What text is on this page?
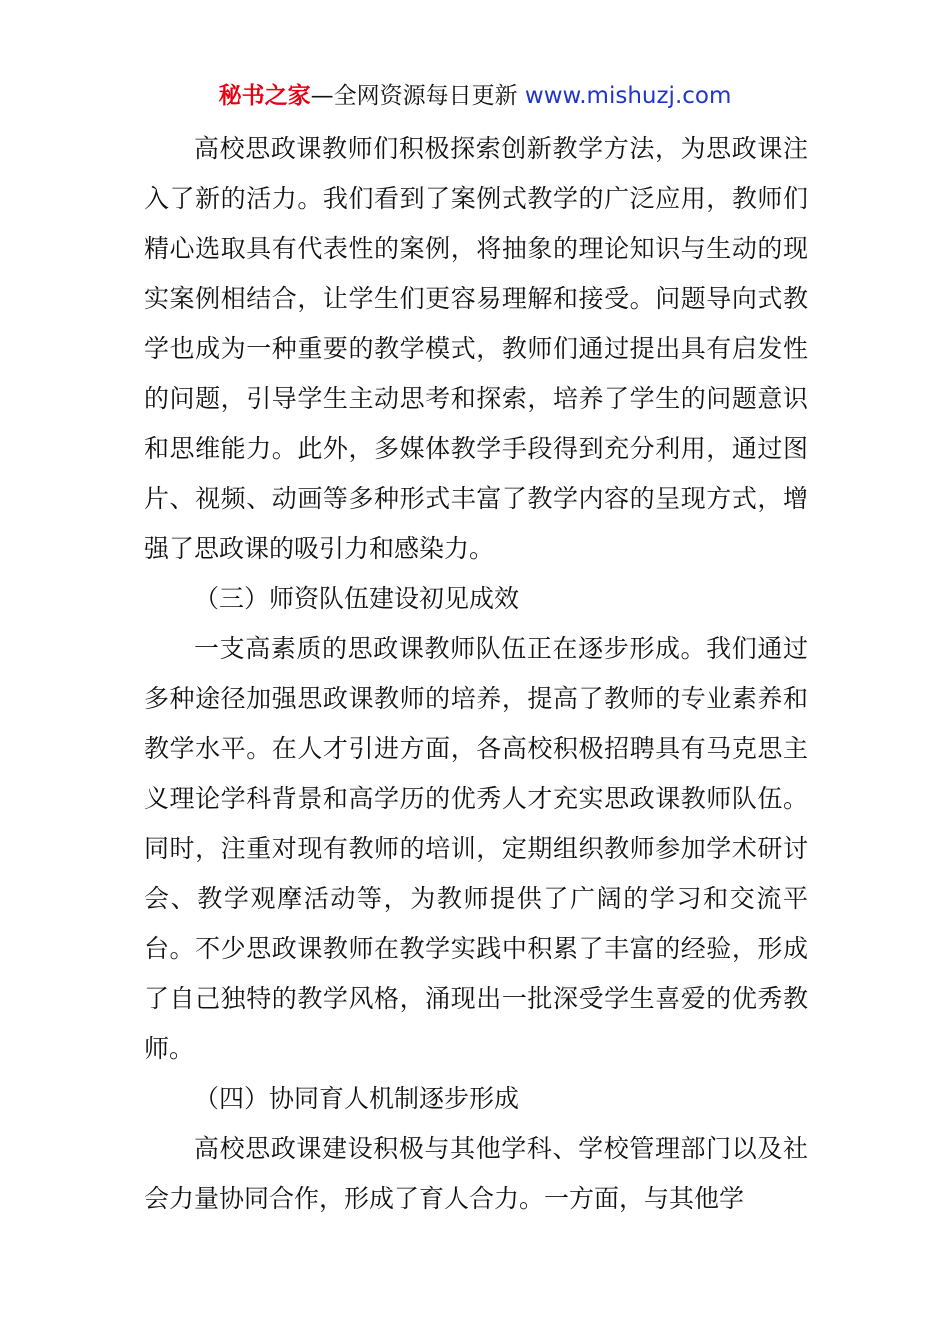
秘书之家—全网资源每日更新 www.mishuzj.com

高校思政课教师们积极探索创新教学方法，为思政课注入了新的活力。我们看到了案例式教学的广泛应用，教师们精心选取具有代表性的案例，将抽象的理论知识与生动的现实案例相结合，让学生们更容易理解和接受。问题导向式教学也成为一种重要的教学模式，教师们通过提出具有启发性的问题，引导学生主动思考和探索，培养了学生的问题意识和思维能力。此外，多媒体教学手段得到充分利用，通过图片、视频、动画等多种形式丰富了教学内容的呈现方式，增强了思政课的吸引力和感染力。

（三）师资队伍建设初见成效

一支高素质的思政课教师队伍正在逐步形成。我们通过多种途径加强思政课教师的培养，提高了教师的专业素养和教学水平。在人才引进方面，各高校积极招聘具有马克思主义理论学科背景和高学历的优秀人才充实思政课教师队伍。同时，注重对现有教师的培训，定期组织教师参加学术研讨会、教学观摩活动等，为教师提供了广阔的学习和交流平台。不少思政课教师在教学实践中积累了丰富的经验，形成了自己独特的教学风格，涌现出一批深受学生喜爱的优秀教师。

（四）协同育人机制逐步形成

高校思政课建设积极与其他学科、学校管理部门以及社会力量协同合作，形成了育人合力。一方面，与其他学
